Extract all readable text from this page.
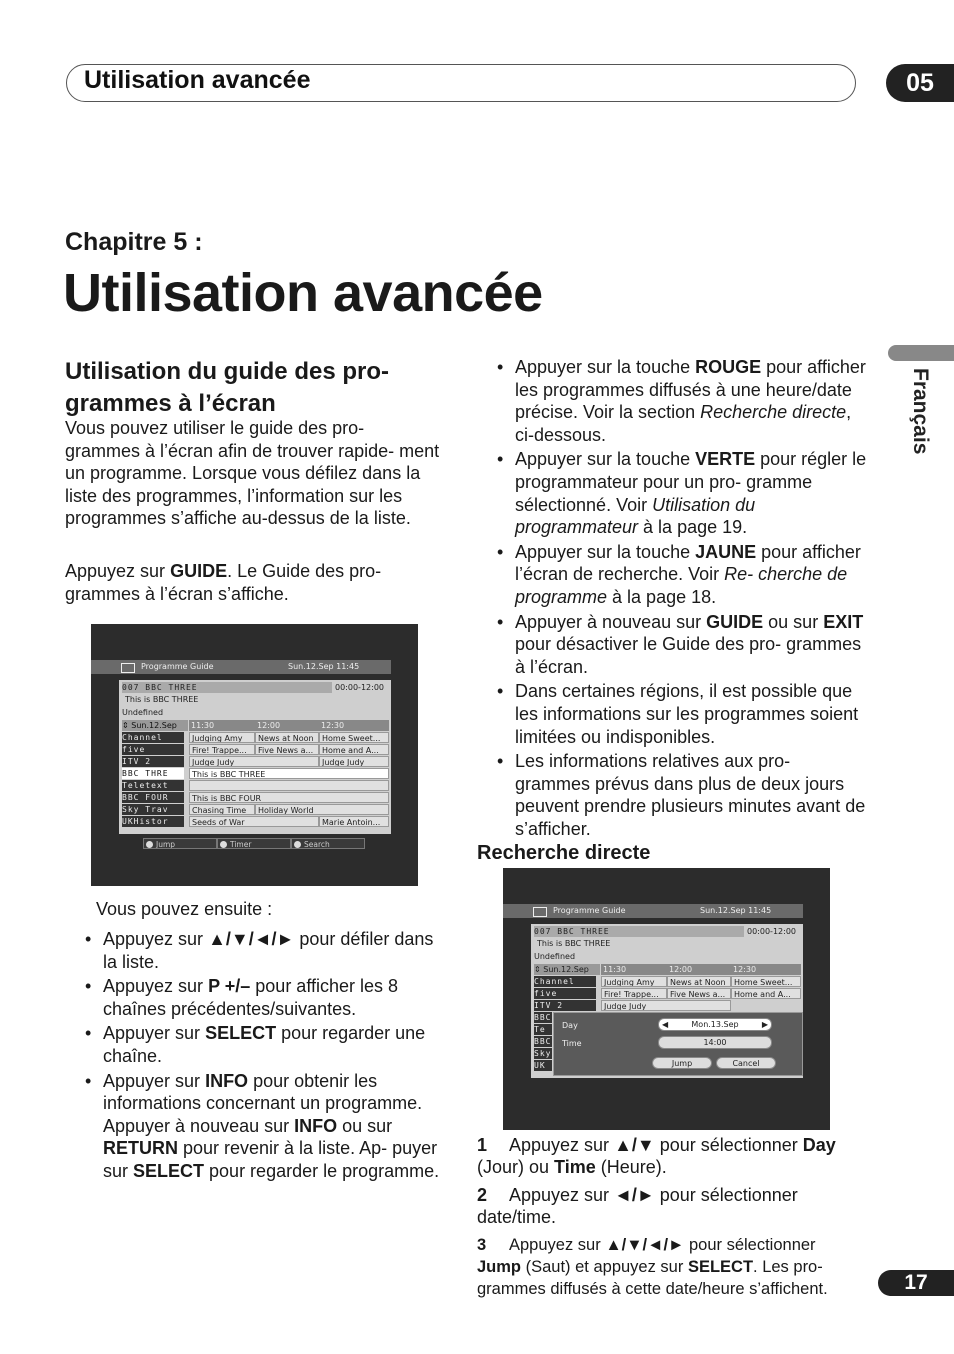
Utilisation avancée	05
Chapitre 5 :
Utilisation avancée
Français
Utilisation du guide des pro- grammes à l’écran
Vous pouvez utiliser le guide des pro- grammes à l’écran afin de trouver rapide- ment un programme. Lorsque vous défilez dans la liste des programmes, l’information sur les programmes s’affiche au-dessus de la liste.
Appuyez sur GUIDE. Le Guide des pro- grammes à l’écran s’affiche.
Programme Guide	Sun.12.Sep 11:45
007 BBC THREE	00:00-12:00
This is BBC THREE
Undefined
⇕ Sun.12.Sep	11:30	12:00	12:30
Channel	Judging Amy	News at Noon	Home Sweet...
five	Fire! Trappe...	Five News a...	Home and A...
ITV 2	Judge Judy	Judge Judy
BBC THRE	This is BBC THREE
Teletext
BBC FOUR	This is BBC FOUR
Sky Trav	Chasing Time	Holiday World
UKHistor	Seeds of War	Marie Antoin...
Jump	Timer	Search
Vous pouvez ensuite :
• Appuyez sur ▲/▼/◄/► pour défiler dans la liste.
• Appuyez sur P +/– pour afficher les 8 chaînes précédentes/suivantes.
• Appuyer sur SELECT pour regarder une chaîne.
• Appuyer sur INFO pour obtenir les informations concernant un programme. Appuyer à nouveau sur INFO ou sur RETURN pour revenir à la liste. Ap- puyer sur SELECT pour regarder le programme.
• Appuyer sur la touche ROUGE pour afficher les programmes diffusés à une heure/date précise. Voir la section Recherche directe, ci-dessous.
• Appuyer sur la touche VERTE pour régler le programmateur pour un pro- gramme sélectionné. Voir Utilisation du programmateur à la page 19.
• Appuyer sur la touche JAUNE pour afficher l’écran de recherche. Voir Re- cherche de programme à la page 18.
• Appuyer à nouveau sur GUIDE ou sur EXIT pour désactiver le Guide des pro- grammes à l’écran.
• Dans certaines régions, il est possible que les informations sur les programmes soient limitées ou indisponibles.
• Les informations relatives aux pro- grammes prévus dans plus de deux jours peuvent prendre plusieurs minutes avant de s’afficher.
Recherche directe
Programme Guide	Sun.12.Sep 11:45
007 BBC THREE	00:00-12:00
This is BBC THREE
Undefined
⇕ Sun.12.Sep	11:30	12:00	12:30
Channel	Judging Amy	News at Noon	Home Sweet...
five	Fire! Trappe...	Five News a...	Home and A...
ITV 2	Judge Judy
BBC
Te
BBC
Sky
UK
Day	◀	Mon.13.Sep	▶
Time	14:00
Jump	Cancel
1 Appuyez sur ▲/▼ pour sélectionner Day (Jour) ou Time (Heure).
2 Appuyez sur ◄/► pour sélectionner date/time.
3 Appuyez sur ▲/▼/◄/► pour sélectionner Jump (Saut) et appuyez sur SELECT. Les pro- grammes diffusés à cette date/heure s’affichent.	17
